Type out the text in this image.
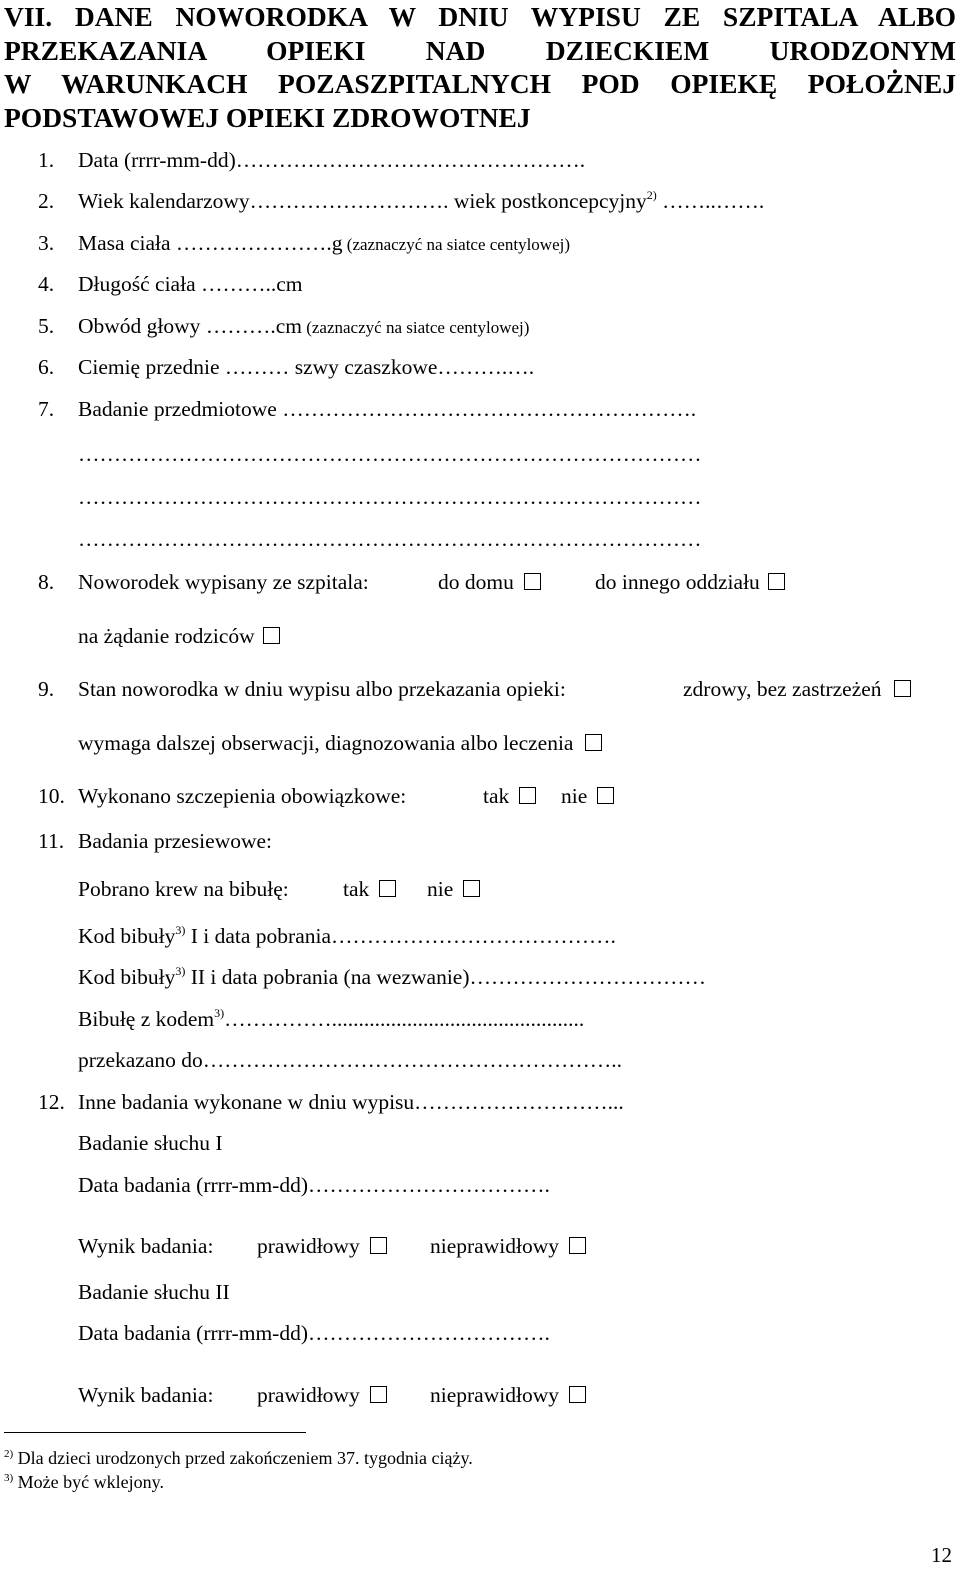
VII. DANE NOWORODKA W DNIU WYPISU ZE SZPITALA ALBO
PRZEKAZANIA OPIEKI NAD DZIECKIEM URODZONYM
W WARUNKACH POZASZPITALNYCH POD OPIEKĘ POŁOŻNEJ
PODSTAWOWEJ OPIEKI ZDROWOTNEJ
1. Data (rrrr-mm-dd)………………………………………….
2. Wiek kalendarzowy………………………. wiek postkoncepcyjny$^{2)}$ ……..…….
3. Masa ciała ………………….g (zaznaczyć na siatce centylowej)
4. Długość ciała ………..cm
5. Obwód głowy ……….cm (zaznaczyć na siatce centylowej)
6. Ciemię przednie ……… szwy czaszkowe……….….
7. Badanie przedmiotowe ………………………………………………….
……………………………………………………………………………
……………………………………………………………………………
……………………………………………………………………………
8. Noworodek wypisany ze szpitala:	do domu	do innego oddziału
na żądanie rodziców
9. Stan noworodka w dniu wypisu albo przekazania opieki:	zdrowy, bez zastrzeżeń
wymaga dalszej obserwacji, diagnozowania albo leczenia
10. Wykonano szczepienia obowiązkowe:	tak	nie
11. Badania przesiewowe:
Pobrano krew na bibułę:	tak	nie
Kod bibuły$^{3)}$ I i data pobrania………………………………….
Kod bibuły$^{3)}$ II i data pobrania (na wezwanie)……………………………
Bibułę z kodem$^{3)}$……………...............................................
przekazano do…………………………………………………..
12. Inne badania wykonane w dniu wypisu………………………...
Badanie słuchu I
Data badania (rrrr-mm-dd)…………………………….
Wynik badania: prawidłowy	nieprawidłowy
Badanie słuchu II
Data badania (rrrr-mm-dd)…………………………….
Wynik badania: prawidłowy	nieprawidłowy
$^{2)}$ Dla dzieci urodzonych przed zakończeniem 37. tygodnia ciąży.
$^{3)}$ Może być wklejony.
12
